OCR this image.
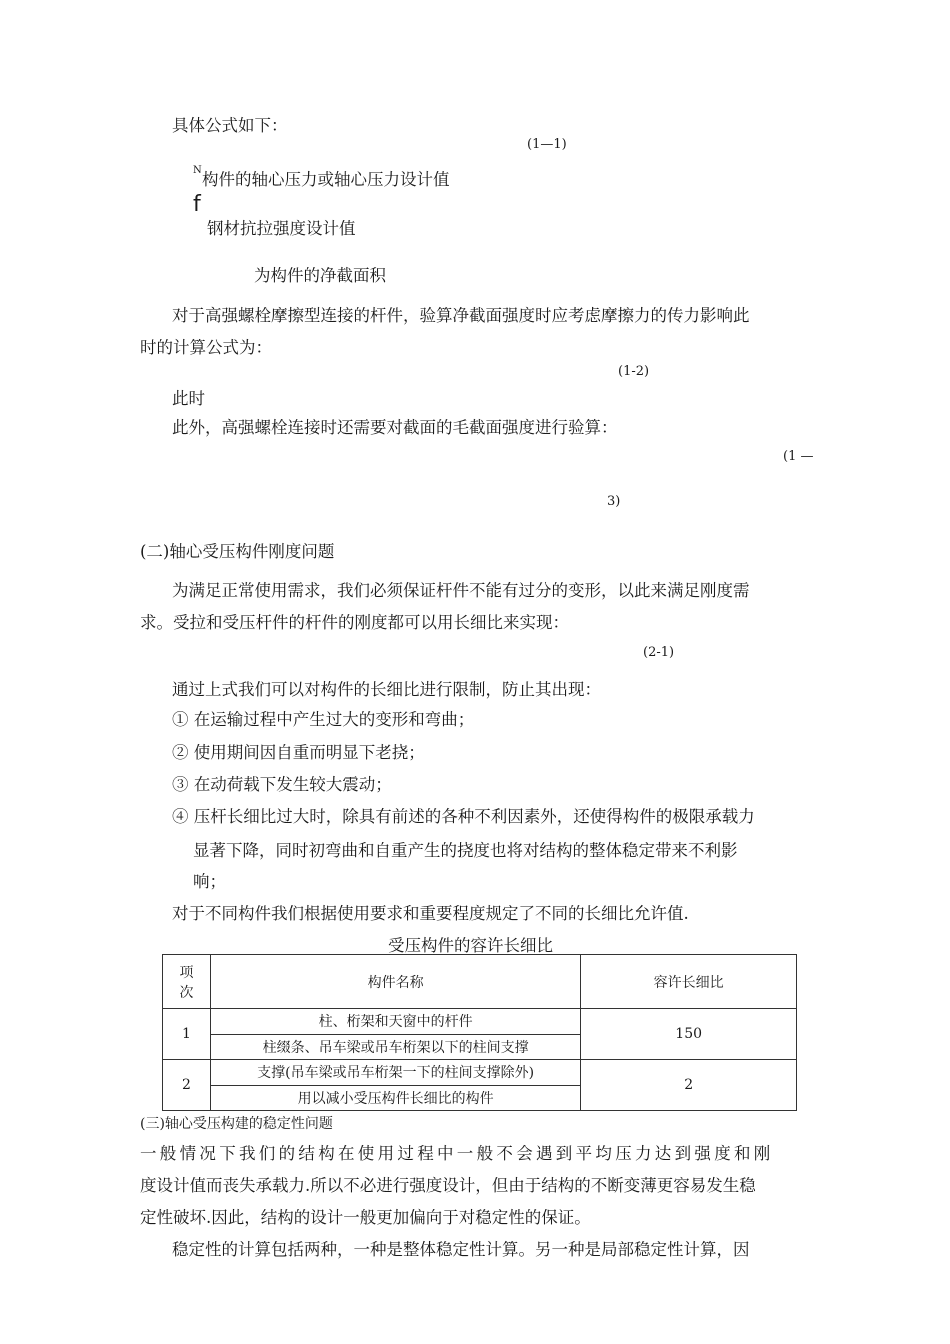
具体公式如下：
(1—1)
N 构件的轴心压力或轴心压力设计值
f
钢材抗拉强度设计值
为构件的净截面积
对于高强螺栓摩擦型连接的杆件，验算净截面强度时应考虑摩擦力的传力影响此
时的计算公式为：
(1-2)
此时
此外，高强螺栓连接时还需要对截面的毛截面强度进行验算：
(1 —
3)
(二)轴心受压构件刚度问题
为满足正常使用需求，我们必须保证杆件不能有过分的变形，以此来满足刚度需
求。受拉和受压杆件的杆件的刚度都可以用长细比来实现：
(2-1)
通过上式我们可以对构件的长细比进行限制，防止其出现：
① 在运输过程中产生过大的变形和弯曲；
② 使用期间因自重而明显下老挠；
③ 在动荷载下发生较大震动；
④ 压杆长细比过大时，除具有前述的各种不利因素外，还使得构件的极限承载力
显著下降，同时初弯曲和自重产生的挠度也将对结构的整体稳定带来不利影
响；
对于不同构件我们根据使用要求和重要程度规定了不同的长细比允许值.
受压构件的容许长细比
项
次	构件名称	容许长细比
1	柱、桁架和天窗中的杆件
柱缀条、吊车梁或吊车桁架以下的柱间支撑	150
2	支撑(吊车梁或吊车桁架一下的柱间支撑除外)
用以减小受压构件长细比的构件	2
(三)轴心受压构建的稳定性问题
一般情况下我们的结构在使用过程中一般不会遇到平均压力达到强度和刚
度设计值而丧失承载力.所以不必进行强度设计，但由于结构的不断变薄更容易发生稳
定性破坏.因此，结构的设计一般更加偏向于对稳定性的保证。
稳定性的计算包括两种，一种是整体稳定性计算。另一种是局部稳定性计算，因
